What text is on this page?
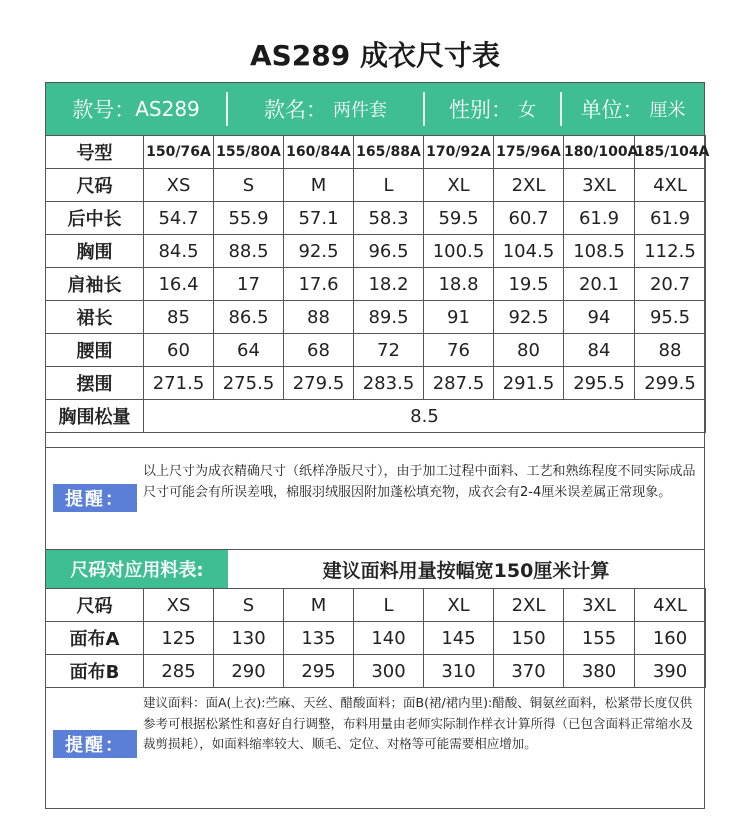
AS289 成衣尺寸表
款号： AS289	款名： 两件套	性别： 女 单位： 厘米
号型	150/76A	155/80A	160/84A	165/88A	170/92A	175/96A	180/100A	185/104A
尺码	XS	S	M	L	XL	2XL	3XL	4XL
后中长	54.7	55.9	57.1	58.3	59.5	60.7	61.9	61.9
胸围	84.5	88.5	92.5	96.5	100.5	104.5	108.5	112.5
肩袖长	16.4	17	17.6	18.2	18.8	19.5	20.1	20.7
裙长	85	86.5	88	89.5	91	92.5	94	95.5
腰围	60	64	68	72	76	80	84	88
摆围	271.5	275.5	279.5	283.5	287.5	291.5	295.5	299.5
胸围松量	8.5							
提醒：
以上尺寸为成衣精确尺寸（纸样净版尺寸），由于加工过程中面料、工艺和熟练程度不同实际成品尺寸可能会有所误差哦，棉服羽绒服因附加蓬松填充物，成衣会有2-4厘米误差属正常现象。
尺码对应用料表:	建议面料用量按幅宽150厘米计算
尺码	XS	S	M	L	XL	2XL	3XL	4XL
面布A	125	130	135	140	145	150	155	160
面布B	285	290	295	300	310	370	380	390
提醒：
建议面料：面A(上衣):苎麻、天丝、醋酸面料；面B(裙/裙内里):醋酸、铜氨丝面料，松紧带长度仅供参考可根据松紧性和喜好自行调整，布料用量由老师实际制作样衣计算所得（已包含面料正常缩水及裁剪损耗），如面料缩率较大、顺毛、定位、对格等可能需要相应增加。
